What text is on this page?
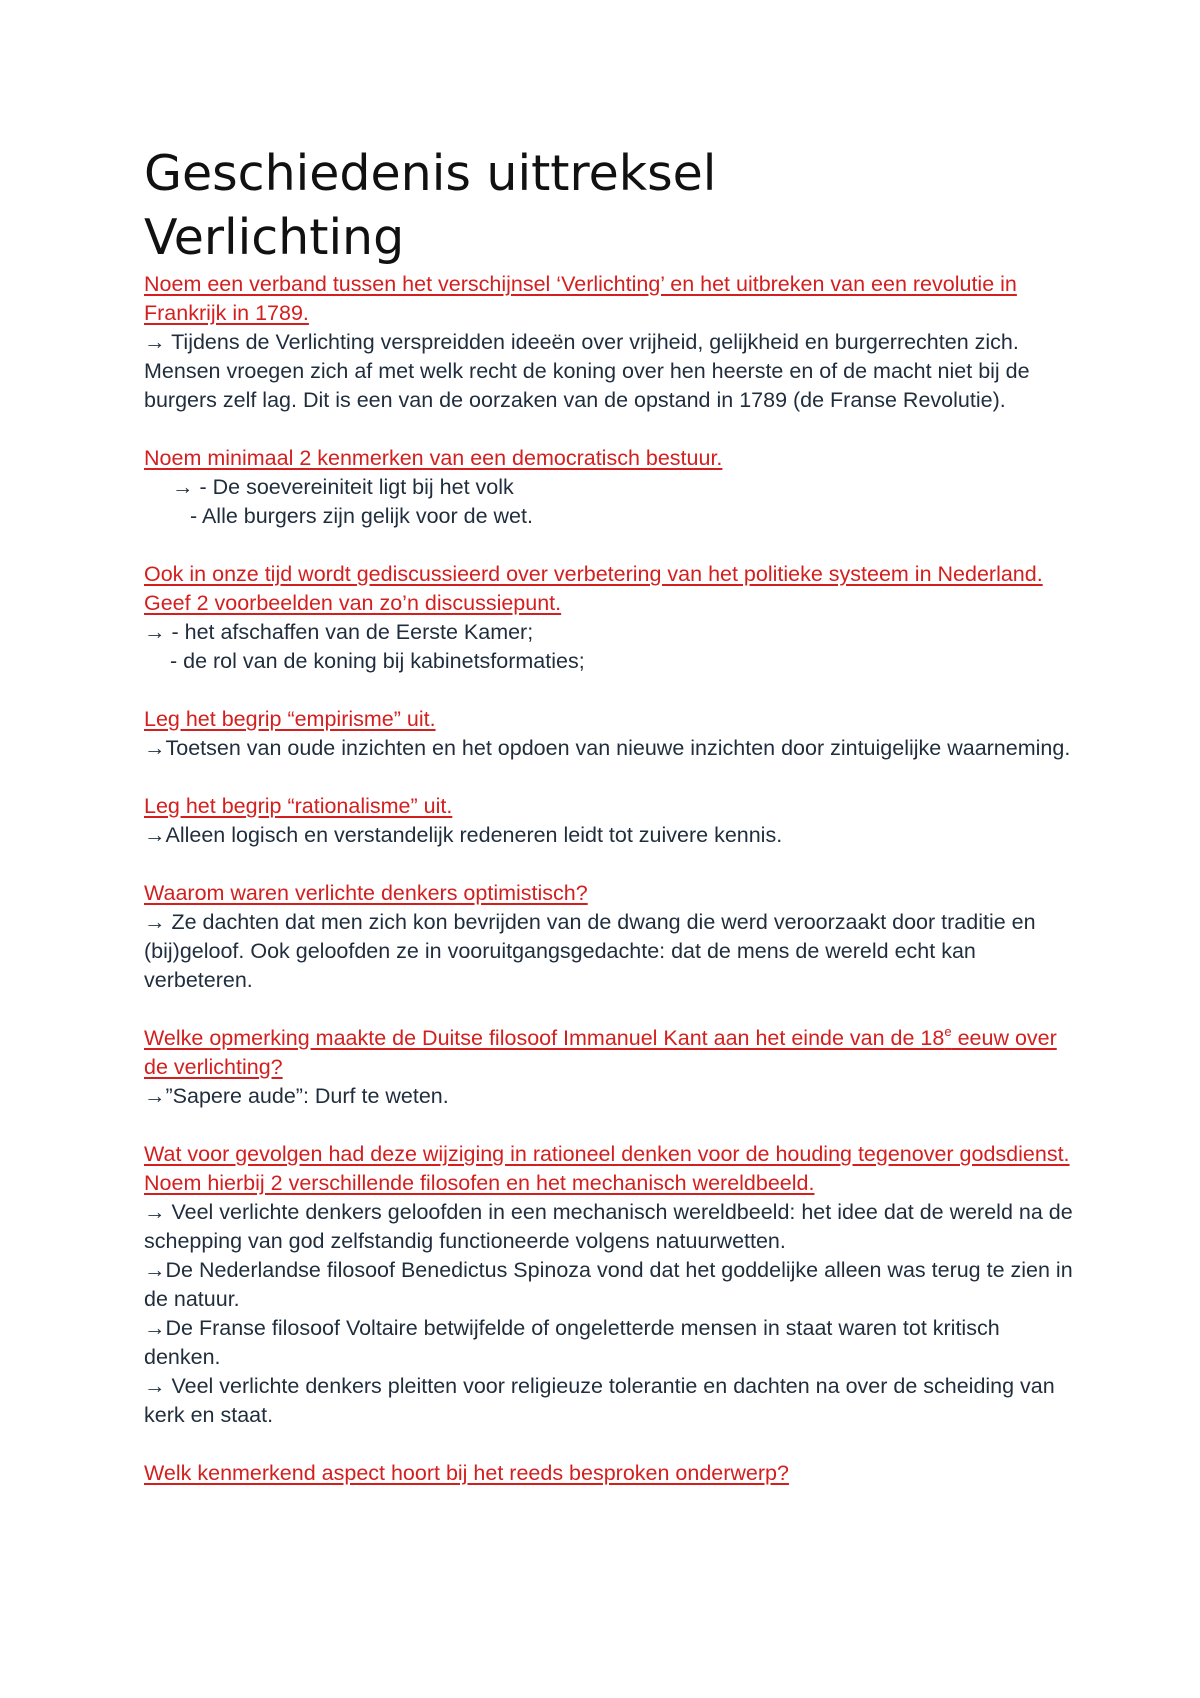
Geschiedenis uittreksel
Verlichting

Noem een verband tussen het verschijnsel ‘Verlichting’ en het uitbreken van een revolutie in Frankrijk in 1789.

→ Tijdens de Verlichting verspreidden ideeën over vrijheid, gelijkheid en burgerrechten zich. Mensen vroegen zich af met welk recht de koning over hen heerste en of de macht niet bij de burgers zelf lag. Dit is een van de oorzaken van de opstand in 1789 (de Franse Revolutie).

Noem minimaal 2 kenmerken van een democratisch bestuur.

→ - De soevereiniteit ligt bij het volk

- Alle burgers zijn gelijk voor de wet.

Ook in onze tijd wordt gediscussieerd over verbetering van het politieke systeem in Nederland. Geef 2 voorbeelden van zo’n discussiepunt.

→ - het afschaffen van de Eerste Kamer;

- de rol van de koning bij kabinetsformaties;

Leg het begrip “empirisme” uit.

→Toetsen van oude inzichten en het opdoen van nieuwe inzichten door zintuigelijke waarneming.

Leg het begrip “rationalisme” uit.

→Alleen logisch en verstandelijk redeneren leidt tot zuivere kennis.

Waarom waren verlichte denkers optimistisch?

→ Ze dachten dat men zich kon bevrijden van de dwang die werd veroorzaakt door traditie en (bij)geloof. Ook geloofden ze in vooruitgangsgedachte: dat de mens de wereld echt kan verbeteren.

Welke opmerking maakte de Duitse filosoof Immanuel Kant aan het einde van de 18e eeuw over de verlichting?

→”Sapere aude”: Durf te weten.

Wat voor gevolgen had deze wijziging in rationeel denken voor de houding tegenover godsdienst. Noem hierbij 2 verschillende filosofen en het mechanisch wereldbeeld.

→ Veel verlichte denkers geloofden in een mechanisch wereldbeeld: het idee dat de wereld na de schepping van god zelfstandig functioneerde volgens natuurwetten.

→De Nederlandse filosoof Benedictus Spinoza vond dat het goddelijke alleen was terug te zien in de natuur.

→De Franse filosoof Voltaire betwijfelde of ongeletterde mensen in staat waren tot kritisch denken.

→ Veel verlichte denkers pleitten voor religieuze tolerantie en dachten na over de scheiding van kerk en staat.

Welk kenmerkend aspect hoort bij het reeds besproken onderwerp?
